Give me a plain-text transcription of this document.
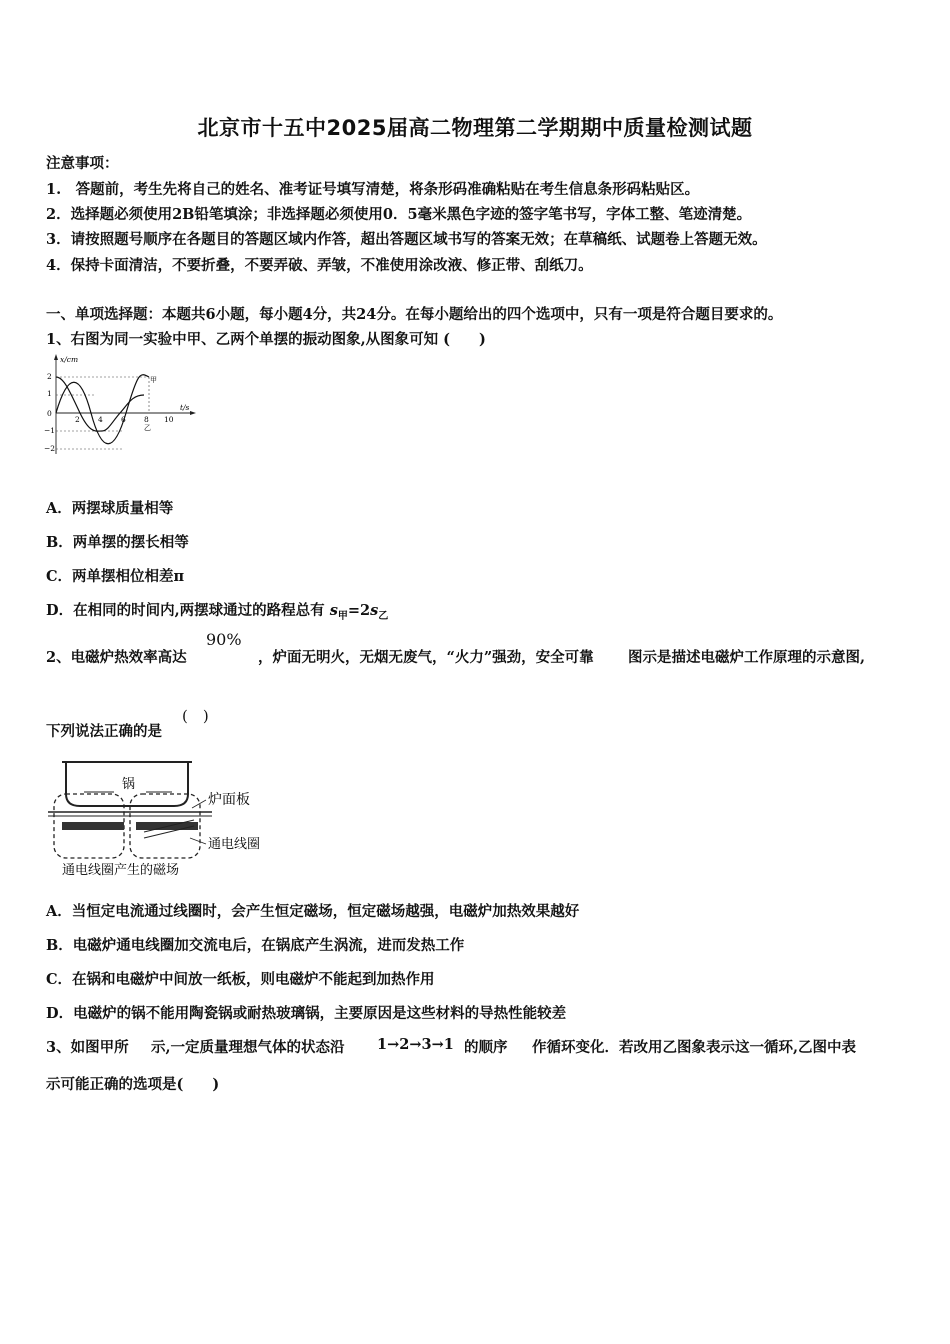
北京市十五中2025届高二物理第二学期期中质量检测试题
注意事项：
1.　答题前，考生先将自己的姓名、准考证号填写清楚，将条形码准确粘贴在考生信息条形码粘贴区。
2．选择题必须使用2B铅笔填涂；非选择题必须使用0．5毫米黑色字迹的签字笔书写，字体工整、笔迹清楚。
3．请按照题号顺序在各题目的答题区域内作答，超出答题区域书写的答案无效；在草稿纸、试题卷上答题无效。
4．保持卡面清洁，不要折叠，不要弄破、弄皱，不准使用涂改液、修正带、刮纸刀。
一、单项选择题：本题共6小题，每小题4分，共24分。在每小题给出的四个选项中，只有一项是符合题目要求的。
1、右图为同一实验中甲、乙两个单摆的振动图象,从图象可知 (　　)
x/cm
t/s
2
1
0
−1
−2
2 4 6 8 10
甲
乙
A．两摆球质量相等
B．两单摆的摆长相等
C．两单摆相位相差π
D．在相同的时间内,两摆球通过的路程总有 $s_甲=2s_乙$
2、电磁炉热效率高达
90%
，炉面无明火，无烟无废气，“火力”强劲，安全可靠 图示是描述电磁炉工作原理的示意图,
下列说法正确的是
(　)
锅
炉面板
通电线圈
通电线圈产生的磁场
A．当恒定电流通过线圈时，会产生恒定磁场，恒定磁场越强，电磁炉加热效果越好
B．电磁炉通电线圈加交流电后，在锅底产生涡流，进而发热工作
C．在锅和电磁炉中间放一纸板，则电磁炉不能起到加热作用
D．电磁炉的锅不能用陶瓷锅或耐热玻璃锅，主要原因是这些材料的导热性能较差
3、如图甲所 示,一定质量理想气体的状态沿 1→2→3→1 的顺序 作循环变化．若改用乙图象表示这一循环,乙图中表
示可能正确的选项是(　　)
